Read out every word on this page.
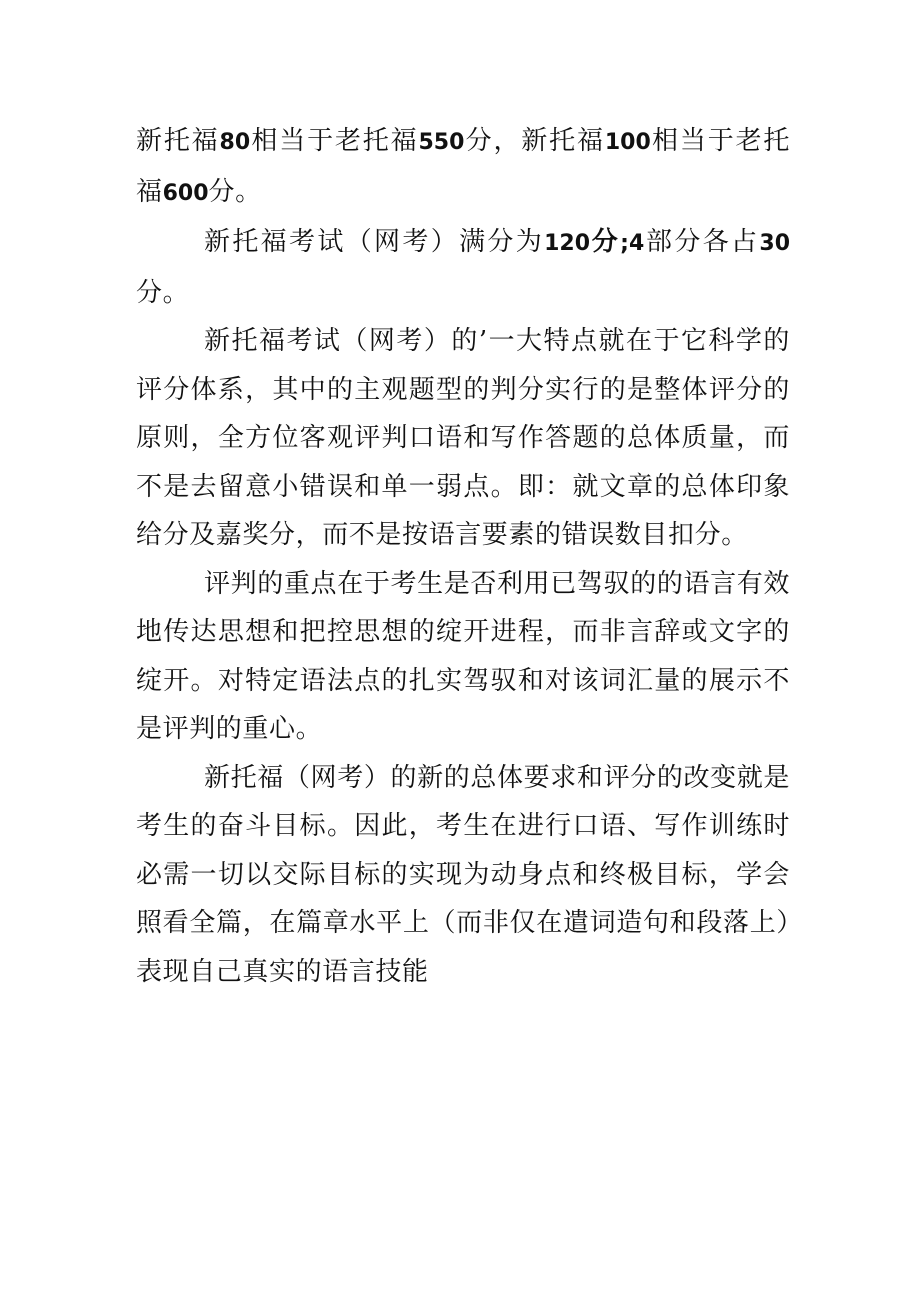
新托福80相当于老托福550分，新托福100相当于老托福600分。

新托福考试（网考）满分为120分;4部分各占30分。

新托福考试（网考）的’一大特点就在于它科学的评分体系，其中的主观题型的判分实行的是整体评分的原则，全方位客观评判口语和写作答题的总体质量，而不是去留意小错误和单一弱点。即：就文章的总体印象给分及嘉奖分，而不是按语言要素的错误数目扣分。

评判的重点在于考生是否利用已驾驭的的语言有效地传达思想和把控思想的绽开进程，而非言辞或文字的绽开。对特定语法点的扎实驾驭和对该词汇量的展示不是评判的重心。

新托福（网考）的新的总体要求和评分的改变就是考生的奋斗目标。因此，考生在进行口语、写作训练时必需一切以交际目标的实现为动身点和终极目标，学会照看全篇，在篇章水平上（而非仅在遣词造句和段落上）表现自己真实的语言技能
